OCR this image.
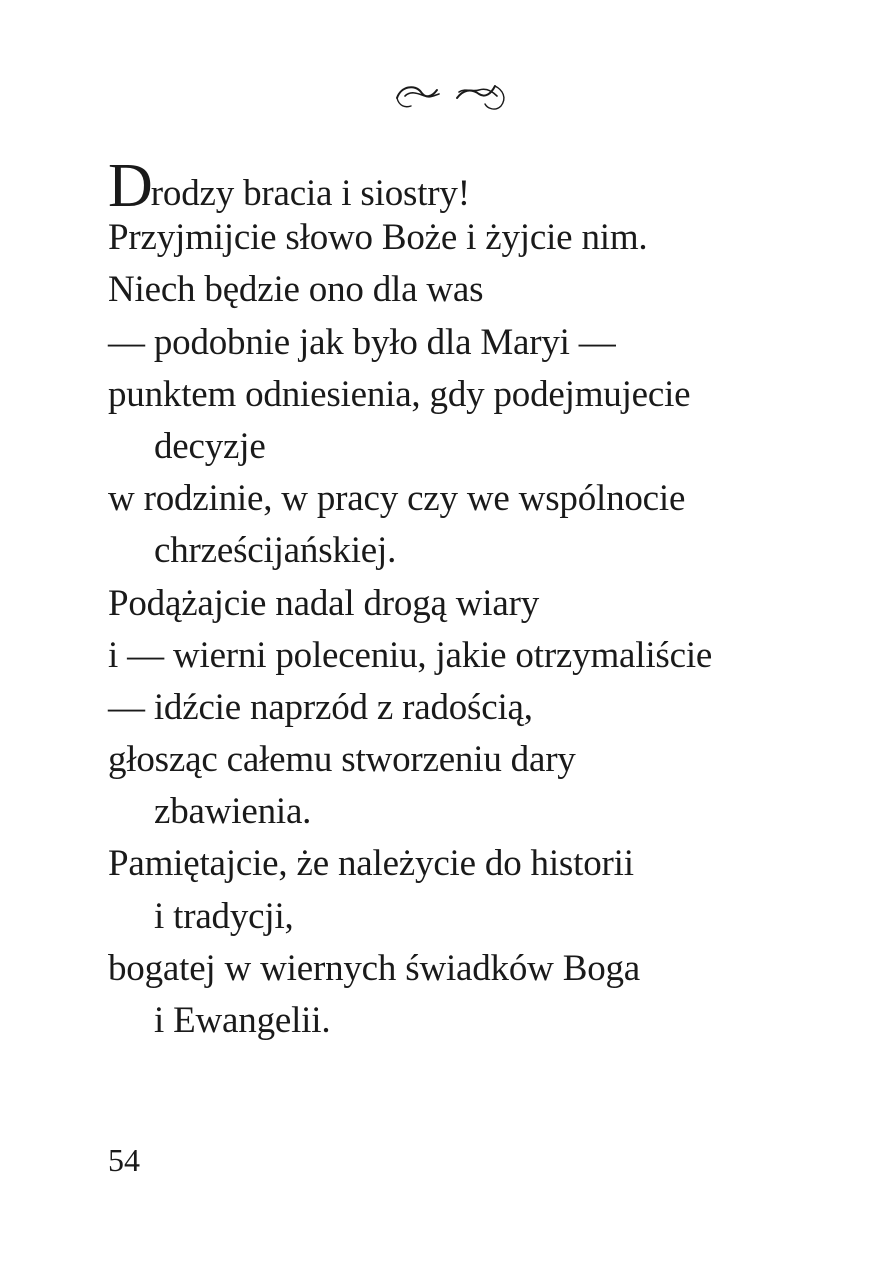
Drodzy bracia i siostry!
Przyjmijcie słowo Boże i żyjcie nim.
Niech będzie ono dla was
— podobnie jak było dla Maryi —
punktem odniesienia, gdy podejmujecie
decyzje
w rodzinie, w pracy czy we wspólnocie
chrześcijańskiej.
Podążajcie nadal drogą wiary
i — wierni poleceniu, jakie otrzymaliście
— idźcie naprzód z radością,
głosząc całemu stworzeniu dary
zbawienia.
Pamiętajcie, że należycie do historii
i tradycji,
bogatej w wiernych świadków Boga
i Ewangelii.
54
